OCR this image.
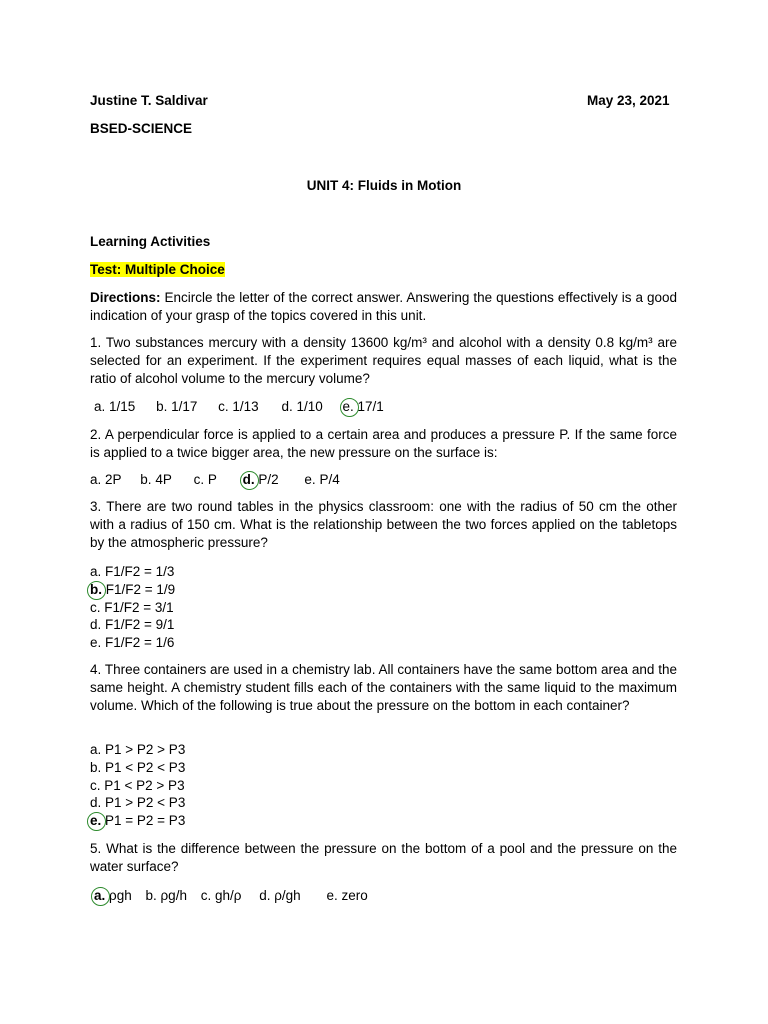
Justine T. Saldivar	May 23, 2021
BSED-SCIENCE
UNIT 4: Fluids in Motion
Learning Activities
Test: Multiple Choice
Directions: Encircle the letter of the correct answer. Answering the questions effectively is a good indication of your grasp of the topics covered in this unit.
1. Two substances mercury with a density 13600 kg/m³ and alcohol with a density 0.8 kg/m³ are selected for an experiment. If the experiment requires equal masses of each liquid, what is the ratio of alcohol volume to the mercury volume?
a. 1/15 b. 1/17 c. 1/13 d. 1/10 e. 17/1
2. A perpendicular force is applied to a certain area and produces a pressure P. If the same force is applied to a twice bigger area, the new pressure on the surface is:
a. 2P b. 4P c. P d. P/2 e. P/4
3. There are two round tables in the physics classroom: one with the radius of 50 cm the other with a radius of 150 cm. What is the relationship between the two forces applied on the tabletops by the atmospheric pressure?
a. F1/F2 = 1/3
b. F1/F2 = 1/9
c. F1/F2 = 3/1
d. F1/F2 = 9/1
e. F1/F2 = 1/6
4. Three containers are used in a chemistry lab. All containers have the same bottom area and the same height. A chemistry student fills each of the containers with the same liquid to the maximum volume. Which of the following is true about the pressure on the bottom in each container?
a. P1 > P2 > P3
b. P1 < P2 < P3
c. P1 < P2 > P3
d. P1 > P2 < P3
e. P1 = P2 = P3
5. What is the difference between the pressure on the bottom of a pool and the pressure on the water surface?
a. ρgh b. ρg/h c. gh/ρ d. ρ/gh e. zero
